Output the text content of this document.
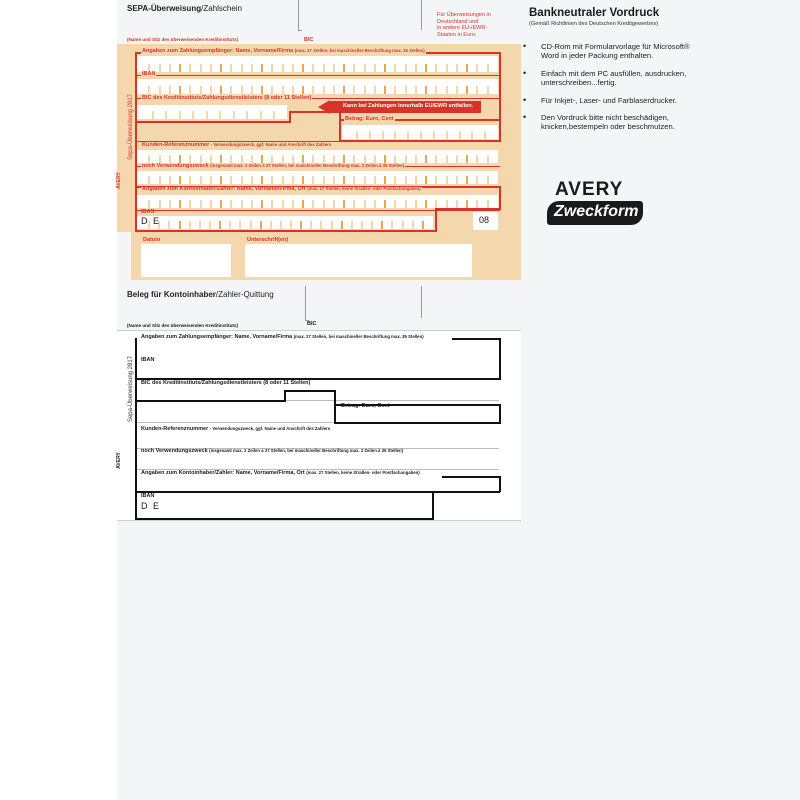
SEPA-Überweisung/Zahlschein
BIC
Für Überweisungen in
Deutschland und
in andere EU-/EWR-
Staaten in Euro.
(Name und Sitz des überweisenden Kreditinstituts)
Kann bei Zahlungen innerhalb EU/EWR entfallen.
Angaben zum Zahlungsempfänger: Name, Vorname/Firma (max. 27 Stellen, bei maschineller Beschriftung max. 35 Stellen)
IBAN
BIC des Kreditinstituts/Zahlungsdienstleisters (8 oder 11 Stellen)
Betrag: Euro, Cent
Kunden-Referenznummer - Verwendungszweck, ggf. Name und Anschrift des Zahlers
noch Verwendungszweck (insgesamt max. 2 Zeilen à 27 Stellen, bei maschineller Beschriftung max. 2 Zeilen à 35 Stellen)
Angaben zum Kontoinhaber/Zahler: Name, Vorname/Firma, Ort (max. 27 Stellen, keine Straßen- oder Postfachangaben)
IBAN
D E	08
Datum	Unterschrift(en)
Sepa-Überweisung 2817
AVERY
Beleg für Kontoinhaber/Zahler-Quittung
BIC
(Name und Sitz des überweisenden Kreditinstituts)
Angaben zum Zahlungsempfänger: Name, Vorname/Firma (max. 27 Stellen, bei maschineller Beschriftung max. 35 Stellen)
IBAN
BIC des Kreditinstituts/Zahlungsdienstleisters (8 oder 11 Stellen)
Betrag: Euro, Cent
Kunden-Referenznummer - Verwendungszweck, ggf. Name und Anschrift des Zahlers
noch Verwendungszweck (insgesamt max. 2 Zeilen à 27 Stellen, bei maschineller Beschriftung max. 2 Zeilen à 35 Stellen)
Angaben zum Kontoinhaber/Zahler: Name, Vorname/Firma, Ort (max. 27 Stellen, keine Straßen- oder Postfachangaben)
IBAN
D E
Sepa-Überweisung 2817
AVERY
Bankneutraler Vordruck
(Gemäß Richtlinien des Deutschen Kreditgewerbes)
• CD-Rom mit Formularvorlage für Microsoft® Word in jeder Packung enthalten.
• Einfach mit dem PC ausfüllen, ausdrucken, unterschreiben...fertig.
• Für Inkjet-, Laser- und Farblaserdrucker.
• Den Vordruck bitte nicht beschädigen, knicken,bestempeln oder beschmutzen.
AVERY
Zweckform
